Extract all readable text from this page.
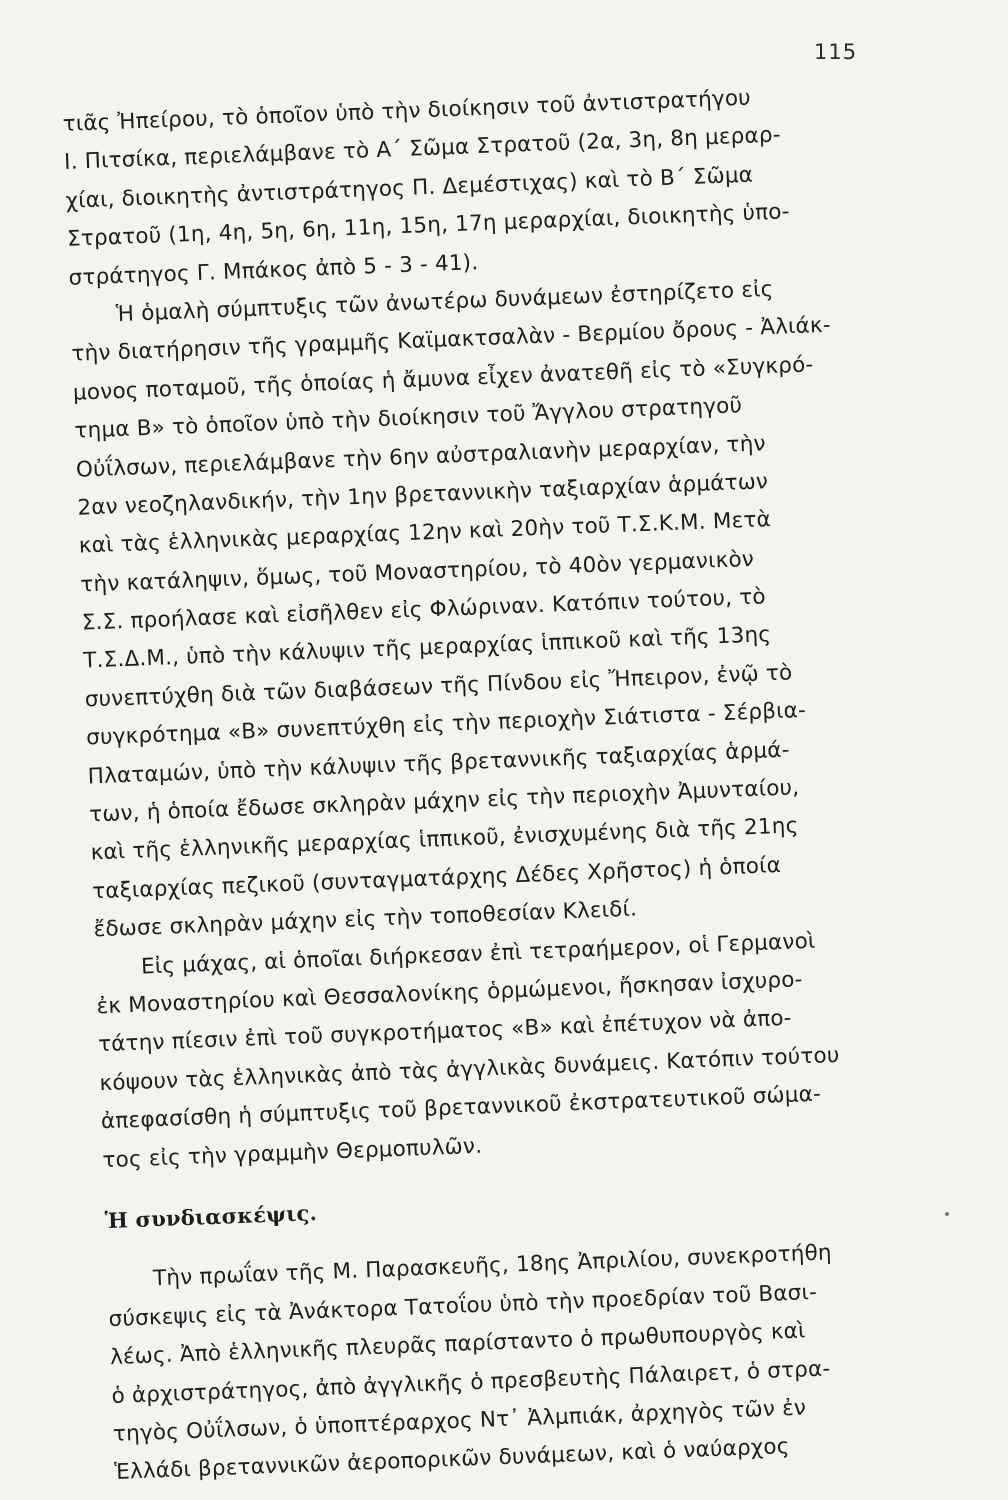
115
τιᾶς Ἠπείρου, τὸ ὁποῖον ὑπὸ τὴν διοίκησιν τοῦ ἀντιστρατήγου
Ι. Πιτσίκα, περιελάμβανε τὸ Α΄ Σῶμα Στρατοῦ (2α, 3η, 8η μεραρ-
χίαι, διοικητὴς ἀντιστράτηγος Π. Δεμέστιχας) καὶ τὸ Β΄ Σῶμα
Στρατοῦ (1η, 4η, 5η, 6η, 11η, 15η, 17η μεραρχίαι, διοικητὴς ὑπο-
στράτηγος Γ. Μπάκος ἀπὸ 5 - 3 - 41).
Ἡ ὁμαλὴ σύμπτυξις τῶν ἀνωτέρω δυνάμεων ἐστηρίζετο εἰς
τὴν διατήρησιν τῆς γραμμῆς Καϊμακτσαλὰν - Βερμίου ὄρους - Ἀλιάκ-
μονος ποταμοῦ, τῆς ὁποίας ἡ ἄμυνα εἶχεν ἀνατεθῆ εἰς τὸ «Συγκρό-
τημα Β» τὸ ὁποῖον ὑπὸ τὴν διοίκησιν τοῦ Ἄγγλου στρατηγοῦ
Οὐΐλσων, περιελάμβανε τὴν 6ην αὐστραλιανὴν μεραρχίαν, τὴν
2αν νεοζηλανδικήν, τὴν 1ην βρεταννικὴν ταξιαρχίαν ἁρμάτων
καὶ τὰς ἑλληνικὰς μεραρχίας 12ην καὶ 20ὴν τοῦ Τ.Σ.Κ.Μ. Μετὰ
τὴν κατάληψιν, ὅμως, τοῦ Μοναστηρίου, τὸ 40ὸν γερμανικὸν
Σ.Σ. προήλασε καὶ εἰσῆλθεν εἰς Φλώριναν. Κατόπιν τούτου, τὸ
Τ.Σ.Δ.Μ., ὑπὸ τὴν κάλυψιν τῆς μεραρχίας ἱππικοῦ καὶ τῆς 13ης
συνεπτύχθη διὰ τῶν διαβάσεων τῆς Πίνδου εἰς Ἤπειρον, ἐνῷ τὸ
συγκρότημα «Β» συνεπτύχθη εἰς τὴν περιοχὴν Σιάτιστα - Σέρβια-
Πλαταμών, ὑπὸ τὴν κάλυψιν τῆς βρεταννικῆς ταξιαρχίας ἁρμά-
των, ἡ ὁποία ἔδωσε σκληρὰν μάχην εἰς τὴν περιοχὴν Ἀμυνταίου,
καὶ τῆς ἑλληνικῆς μεραρχίας ἱππικοῦ, ἐνισχυμένης διὰ τῆς 21ης
ταξιαρχίας πεζικοῦ (συνταγματάρχης Δέδες Χρῆστος) ἡ ὁποία
ἔδωσε σκληρὰν μάχην εἰς τὴν τοποθεσίαν Κλειδί.
Εἰς μάχας, αἱ ὁποῖαι διήρκεσαν ἐπὶ τετραήμερον, οἱ Γερμανοὶ
ἐκ Μοναστηρίου καὶ Θεσσαλονίκης ὁρμώμενοι, ἤσκησαν ἰσχυρο-
τάτην πίεσιν ἐπὶ τοῦ συγκροτήματος «Β» καὶ ἐπέτυχον νὰ ἀπο-
κόψουν τὰς ἑλληνικὰς ἀπὸ τὰς ἀγγλικὰς δυνάμεις. Κατόπιν τούτου
ἀπεφασίσθη ἡ σύμπτυξις τοῦ βρεταννικοῦ ἐκστρατευτικοῦ σώμα-
τος εἰς τὴν γραμμὴν Θερμοπυλῶν.
Ἡ συνδιασκέψις.
Τὴν πρωΐαν τῆς Μ. Παρασκευῆς, 18ης Ἀπριλίου, συνεκροτήθη
σύσκεψις εἰς τὰ Ἀνάκτορα Τατοΐου ὑπὸ τὴν προεδρίαν τοῦ Βασι-
λέως. Ἀπὸ ἑλληνικῆς πλευρᾶς παρίσταντο ὁ πρωθυπουργὸς καὶ
ὁ ἀρχιστράτηγος, ἀπὸ ἀγγλικῆς ὁ πρεσβευτὴς Πάλαιρετ, ὁ στρα-
τηγὸς Οὐΐλσων, ὁ ὑποπτέραρχος Ντ᾽ Ἀλμπιάκ, ἀρχηγὸς τῶν ἐν
Ἑλλάδι βρεταννικῶν ἀεροπορικῶν δυνάμεων, καὶ ὁ ναύαρχος
